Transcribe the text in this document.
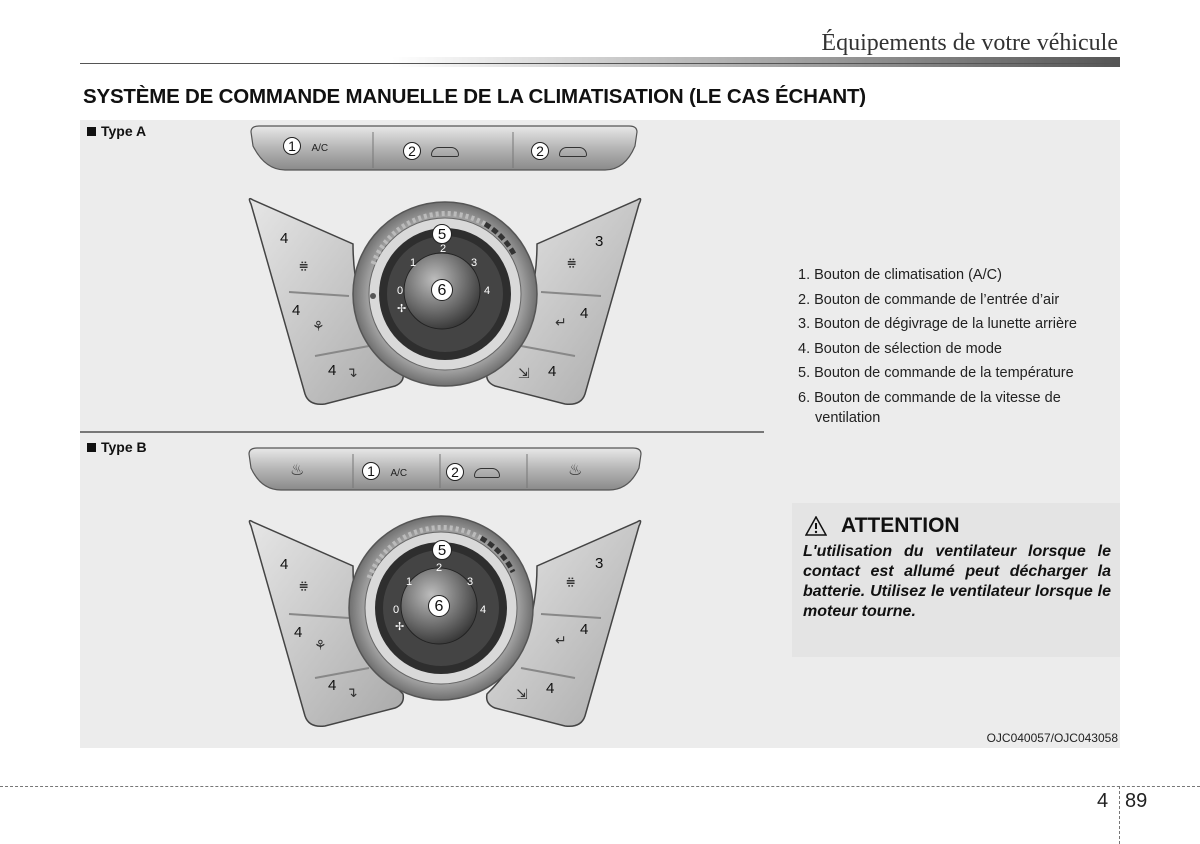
Équipements de votre véhicule
SYSTÈME DE COMMANDE MANUELLE DE LA CLIMATISATION (LE CAS ÉCHANT)
Type A
1 A/C	2	2
5
6
0
1
2
3
4
✢
4
⩷
4
⚘
4 ↴
3
⩷
4
↵
4
⇲
Type B
♨	1 A/C	2	♨
5
6
0
1
2
3
4
✢
4
⩷
4
⚘
4 ↴
3
⩷
4
↵
4
⇲
1. Bouton de climatisation (A/C)
2. Bouton de commande de l’entrée d’air
3. Bouton de dégivrage de la lunette arrière
4. Bouton de sélection de mode
5. Bouton de commande de la température
6. Bouton de commande de la vitesse de ventilation
ATTENTION
L'utilisation du ventilateur lorsque le contact est allumé peut décharger la batterie. Utilisez le ventilateur lorsque le moteur tourne.
OJC040057/OJC043058
4 89
